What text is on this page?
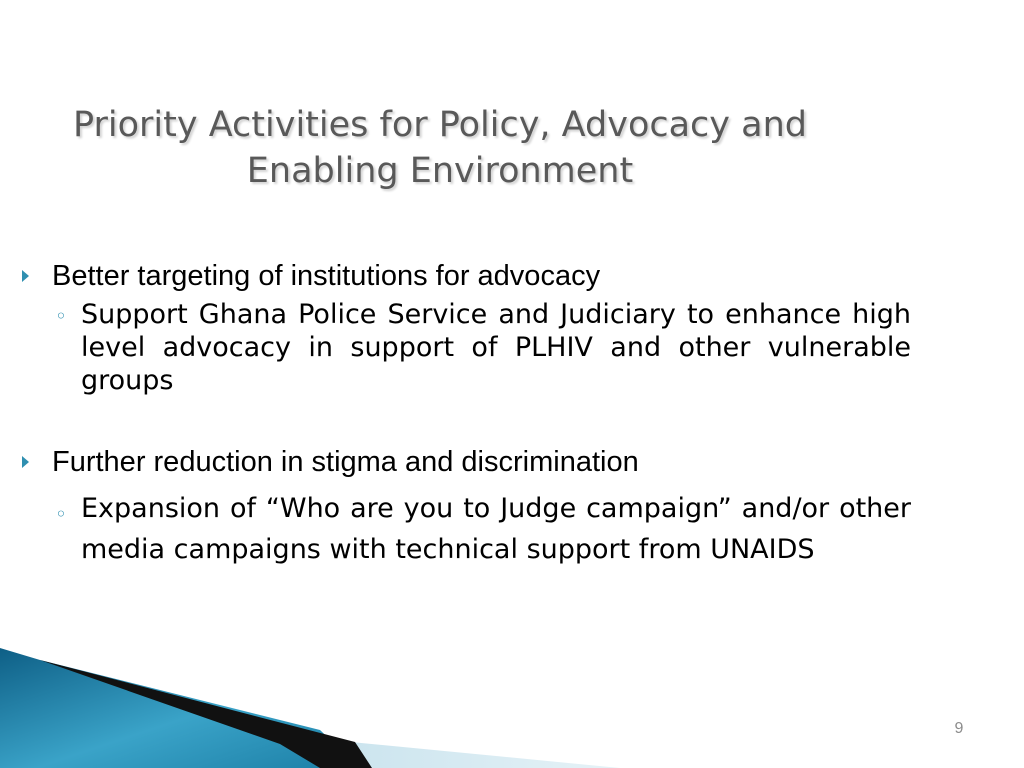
Priority Activities for Policy, Advocacy and
Enabling Environment
Better targeting of institutions for advocacy
◦ Support Ghana Police Service and Judiciary to enhance high level advocacy in support of PLHIV and other vulnerable groups
Further reduction in stigma and discrimination
◦ Expansion of “Who are you to Judge campaign” and/or other media campaigns with technical support from UNAIDS
9
